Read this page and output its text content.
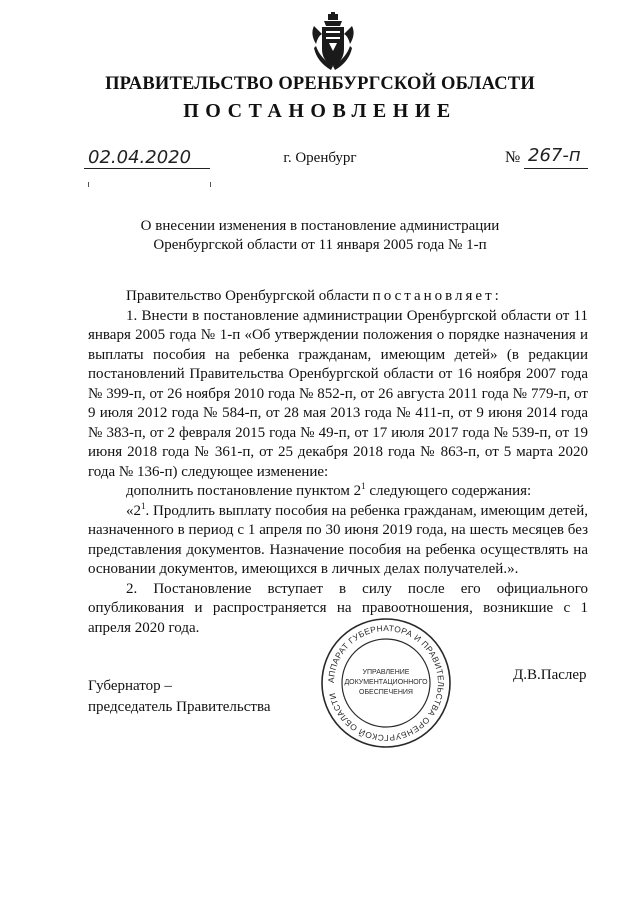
ПРАВИТЕЛЬСТВО ОРЕНБУРГСКОЙ ОБЛАСТИ
ПОСТАНОВЛЕНИЕ
02.04.2020	г. Оренбург	№ 267-п
О внесении изменения в постановление администрации
Оренбургской области от 11 января 2005 года № 1-п

Правительство Оренбургской области постановляет:

1. Внести в постановление администрации Оренбургской области от 11 января 2005 года № 1-п «Об утверждении положения о порядке назначения и выплаты пособия на ребенка гражданам, имеющим детей» (в редакции постановлений Правительства Оренбургской области от 16 ноября 2007 года № 399-п, от 26 ноября 2010 года № 852-п, от 26 августа 2011 года № 779-п, от 9 июля 2012 года № 584-п, от 28 мая 2013 года № 411-п, от 9 июня 2014 года № 383-п, от 2 февраля 2015 года № 49-п, от 17 июля 2017 года № 539-п, от 19 июня 2018 года № 361-п, от 25 декабря 2018 года № 863-п, от 5 марта 2020 года № 136-п) следующее изменение:

дополнить постановление пунктом $2^1$ следующего содержания:

«$2^1$. Продлить выплату пособия на ребенка гражданам, имеющим детей, назначенного в период с 1 апреля по 30 июня 2019 года, на шесть месяцев без представления документов. Назначение пособия на ребенка осуществлять на основании документов, имеющихся в личных делах получателей.».

2. Постановление вступает в силу после его официального опубликования и распространяется на правоотношения, возникшие с 1 апреля 2020 года.

Губернатор –
председатель Правительства
Д.В.Паслер
АППАРАТ ГУБЕРНАТОРА И ПРАВИТЕЛЬСТВА ОРЕНБУРГСКОЙ ОБЛАСТИ
УПРАВЛЕНИЕ
ДОКУМЕНТАЦИОННОГО
ОБЕСПЕЧЕНИЯ
